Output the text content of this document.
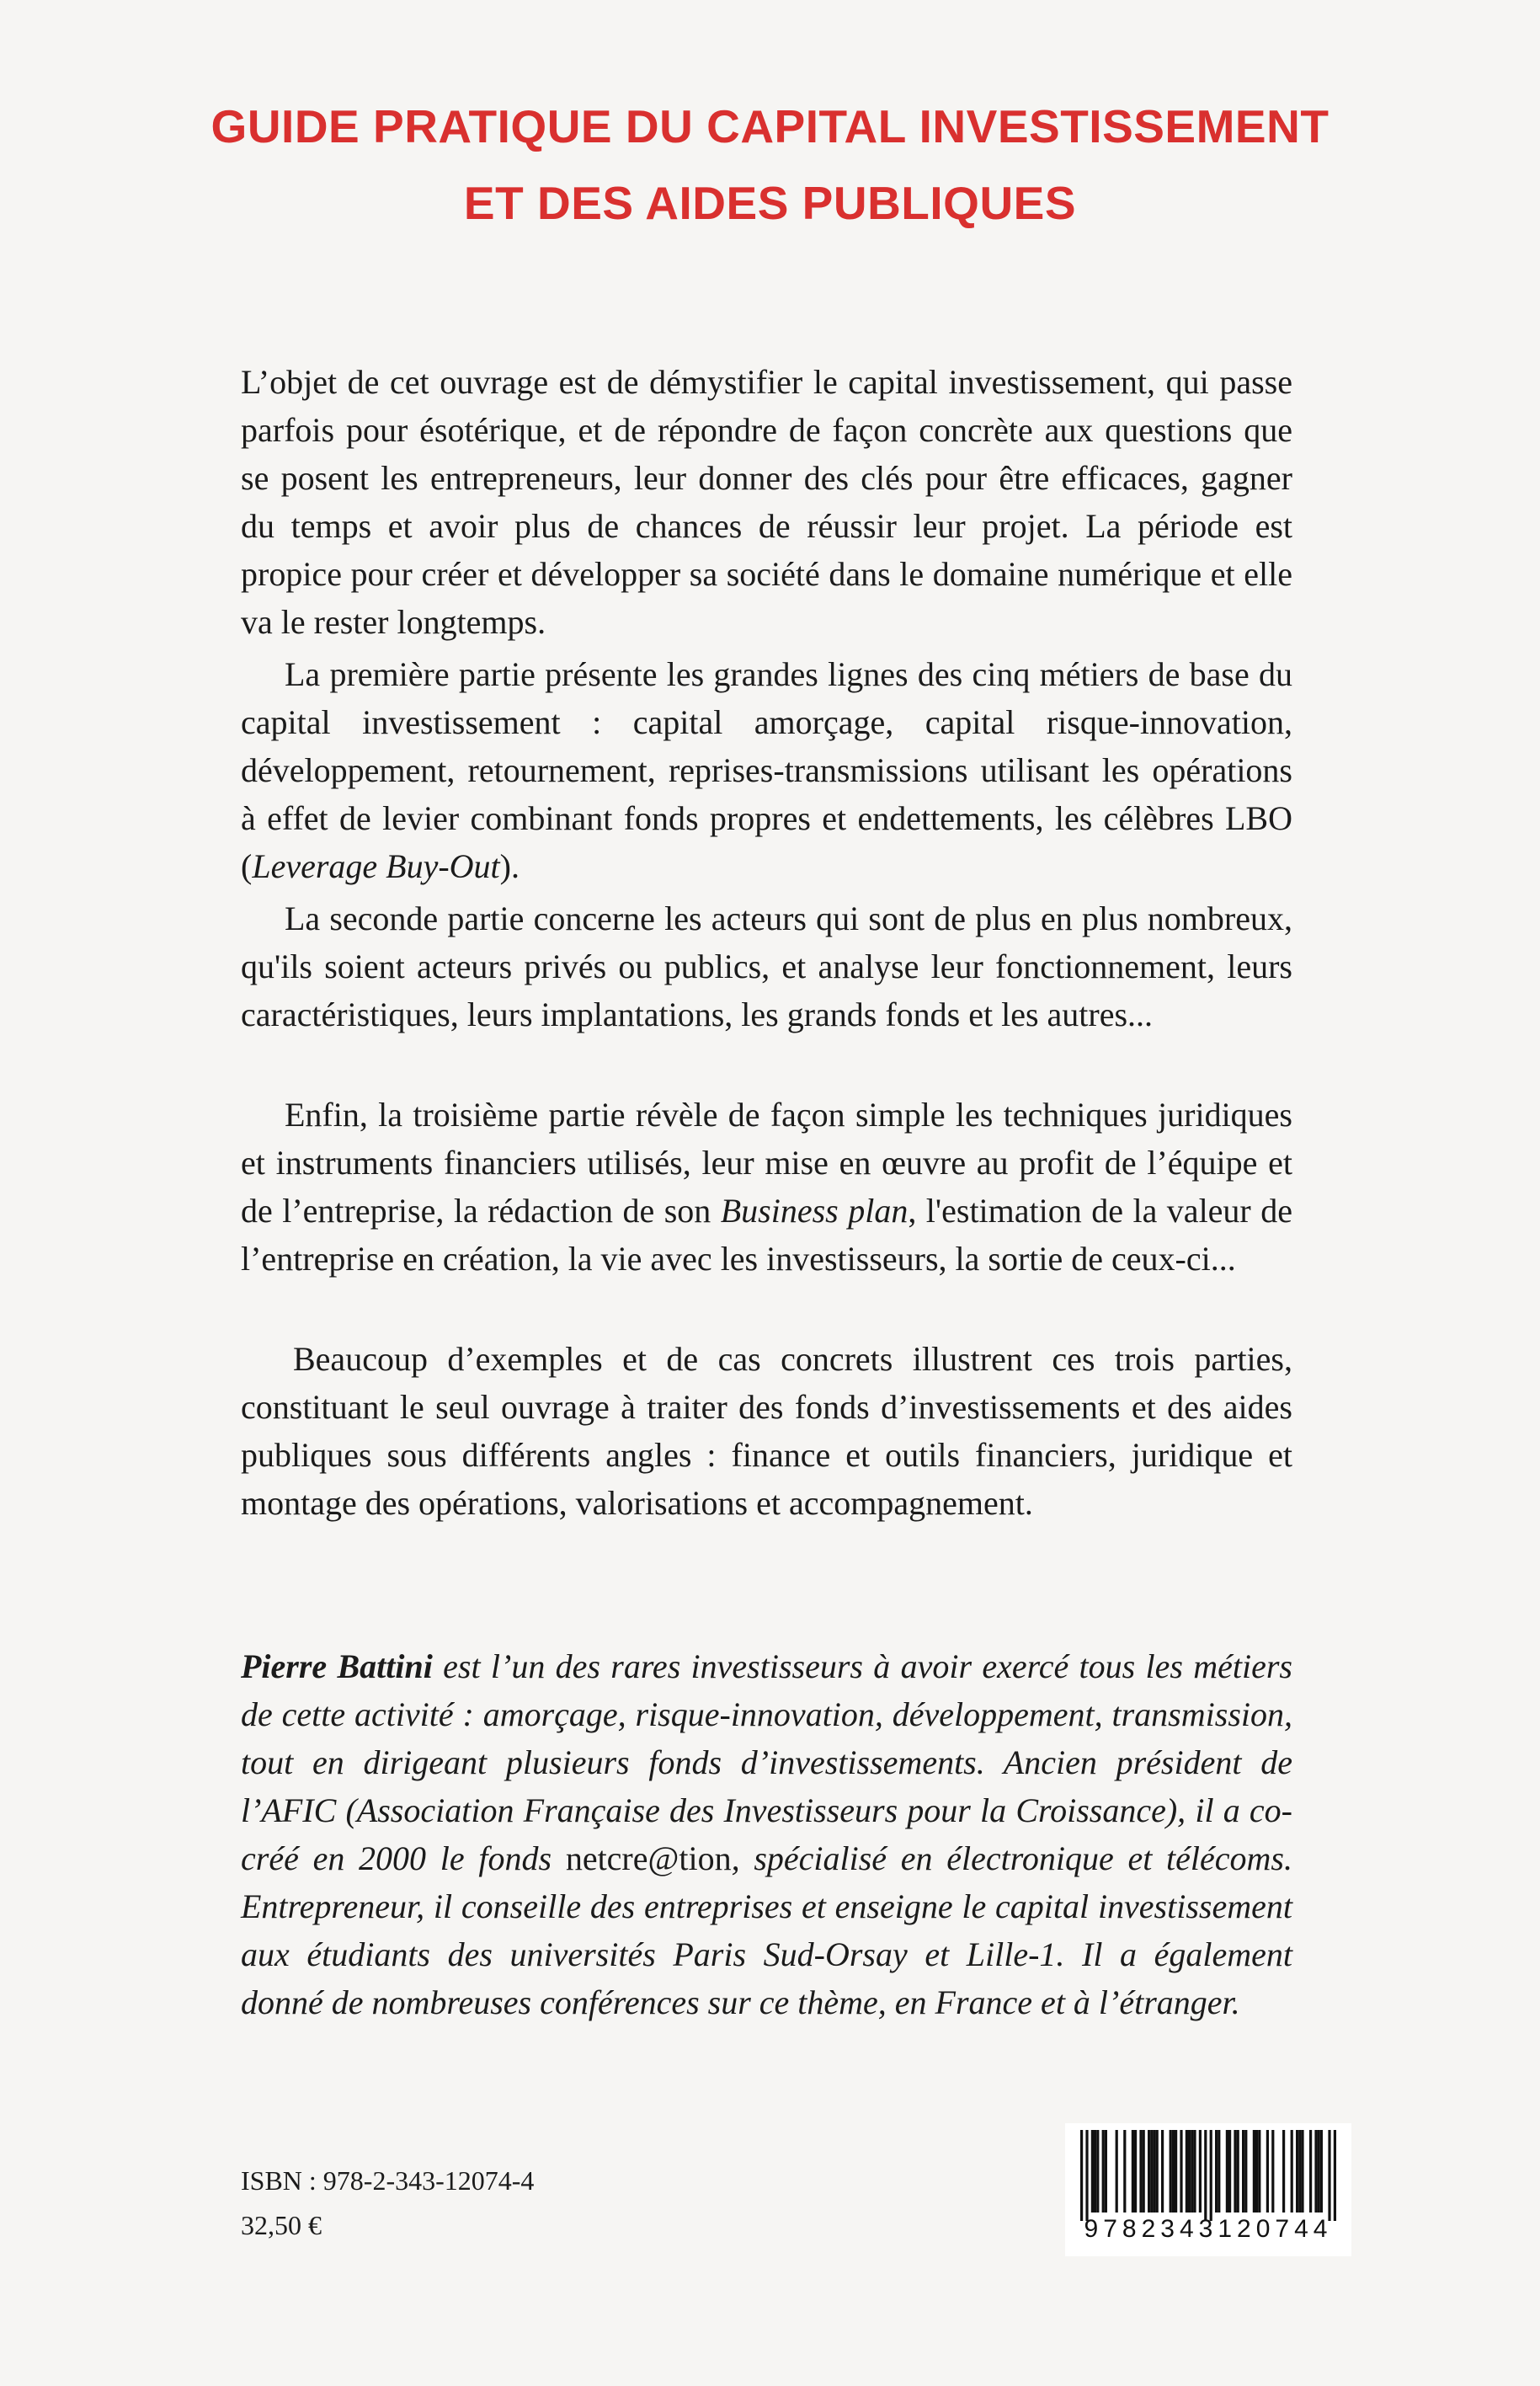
GUIDE PRATIQUE DU CAPITAL INVESTISSEMENT
ET DES AIDES PUBLIQUES

L’objet de cet ouvrage est de démystifier le capital investissement, qui passe parfois pour ésotérique, et de répondre de façon concrète aux questions que se posent les entrepreneurs, leur donner des clés pour être efficaces, gagner du temps et avoir plus de chances de réussir leur projet. La période est propice pour créer et développer sa société dans le domaine numérique et elle va le rester longtemps.

La première partie présente les grandes lignes des cinq métiers de base du capital investissement : capital amorçage, capital risque-innovation, développement, retournement, reprises-transmissions utilisant les opérations à effet de levier combinant fonds propres et endettements, les célèbres LBO (Leverage Buy-Out).

La seconde partie concerne les acteurs qui sont de plus en plus nombreux, qu'ils soient acteurs privés ou publics, et analyse leur fonctionnement, leurs caractéristiques, leurs implantations, les grands fonds et les autres...

Enfin, la troisième partie révèle de façon simple les techniques juridiques et instruments financiers utilisés, leur mise en œuvre au profit de l’équipe et de l’entreprise, la rédaction de son Business plan, l'estimation de la valeur de l’entreprise en création, la vie avec les investisseurs, la sortie de ceux-ci...

Beaucoup d’exemples et de cas concrets illustrent ces trois parties, constituant le seul ouvrage à traiter des fonds d’investissements et des aides publiques sous différents angles : finance et outils financiers, juridique et montage des opérations, valorisations et accompagnement.

Pierre Battini est l’un des rares investisseurs à avoir exercé tous les métiers de cette activité : amorçage, risque-innovation, développement, transmission, tout en dirigeant plusieurs fonds d’investissements. Ancien président de l’AFIC (Association Française des Investisseurs pour la Croissance), il a co-créé en 2000 le fonds netcre@tion, spécialisé en électronique et télécoms. Entrepreneur, il conseille des entreprises et enseigne le capital investissement aux étudiants des universités Paris Sud-Orsay et Lille-1. Il a également donné de nombreuses conférences sur ce thème, en France et à l’étranger.
ISBN : 978-2-343-12074-4
32,50 €	9782343120744
